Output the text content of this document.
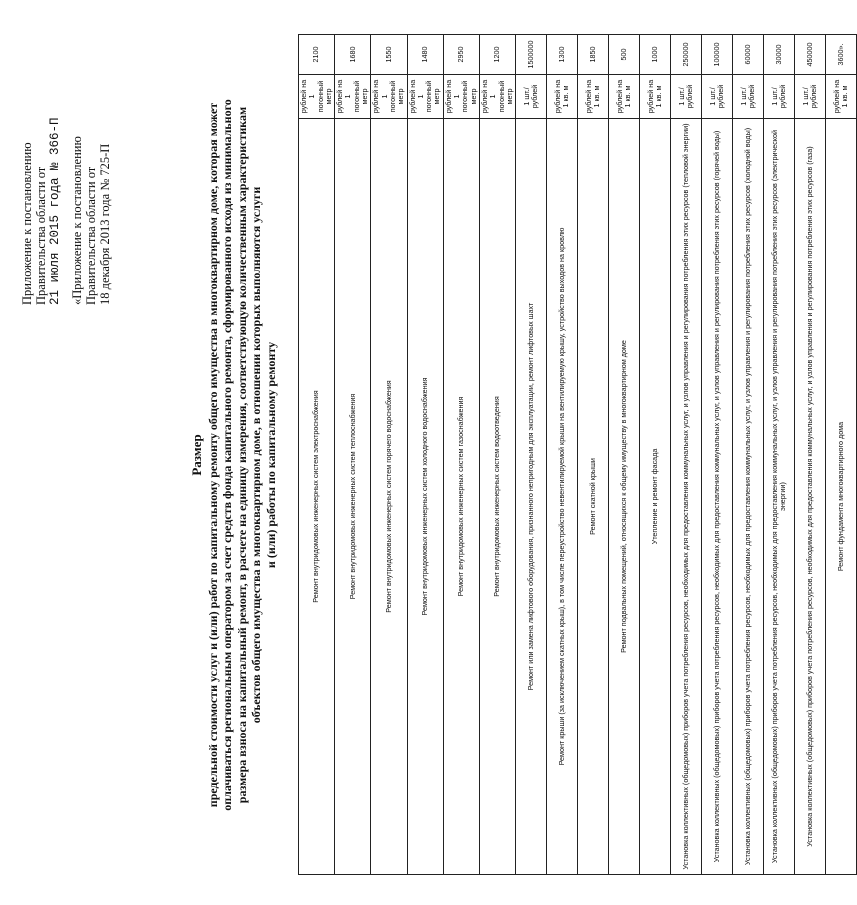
Приложение к постановлению Правительства области от 21 июля 2015 года № 366-П «Приложение к постановлению Правительства области от 18 декабря 2013 года № 725-П
Размер предельной стоимости услуг и (или) работ по капитальному ремонту общего имущества в многоквартирном доме, которая может оплачиваться региональным оператором за счет средств фонда капитального ремонта, сформированного исходя из минимального размера взноса на капитальный ремонт, в расчете на единицу измерения, соответствующую количественным характеристикам объектов общего имущества в многоквартирном доме, в отношении которых выполняются услуги и (или) работы по капитальному ремонту	Ремонт внутридомовых инженерных систем электроснабжения	рублей на 1 погонный метр	2100
Ремонт внутридомовых инженерных систем теплоснабжения	рублей на 1 погонный метр	1680
Ремонт внутридомовых инженерных систем горячего водоснабжения	рублей на 1 погонный метр	1550
Ремонт внутридомовых инженерных систем холодного водоснабжения	рублей на 1 погонный метр	1480
Ремонт внутридомовых инженерных систем газоснабжения	рублей на 1 погонный метр	2950
Ремонт внутридомовых инженерных систем водоотведения	рублей на 1 погонный метр	1200
Ремонт или замена лифтового оборудования, признанного непригодным для эксплуатации, ремонт лифтовых шахт	1 шт./ рублей	1500000
Ремонт крыши (за исключением скатных крыш), в том числе переустройство невентилируемой крыши на вентилируемую крышу, устройство выходов на кровлю	рублей на 1 кв. м	1300
Ремонт скатной крыши	рублей на 1 кв. м	1850
Ремонт подвальных помещений, относящихся к общему имуществу в многоквартирном доме	рублей на 1 кв. м	500
Утепление и ремонт фасада	рублей на 1 кв. м	1000
Установка коллективных (общедомовых) приборов учета потребления ресурсов, необходимых для предоставления коммунальных услуг, и узлов управления и регулирования потребления этих ресурсов (тепловой энергии)	1 шт./ рублей	250000
Установка коллективных (общедомовых) приборов учета потребления ресурсов, необходимых для предоставления коммунальных услуг, и узлов управления и регулирования потребления этих ресурсов (горячей воды)	1 шт./ рублей	100000
Установка коллективных (общедомовых) приборов учета потребления ресурсов, необходимых для предоставления коммунальных услуг, и узлов управления и регулирования потребления этих ресурсов (холодной воды)	1 шт./ рублей	60000
Установка коллективных (общедомовых) приборов учета потребления ресурсов, необходимых для предоставления коммунальных услуг, и узлов управления и регулирования потребления этих ресурсов (электрической энергии)	1 шт./ рублей	30000
Установка коллективных (общедомовых) приборов учета потребления ресурсов, необходимых для предоставления коммунальных услуг, и узлов управления и регулирования потребления этих ресурсов (газа)	1 шт./ рублей	450000
Ремонт фундамента многоквартирного дома	рублей на 1 кв. м	3600».
